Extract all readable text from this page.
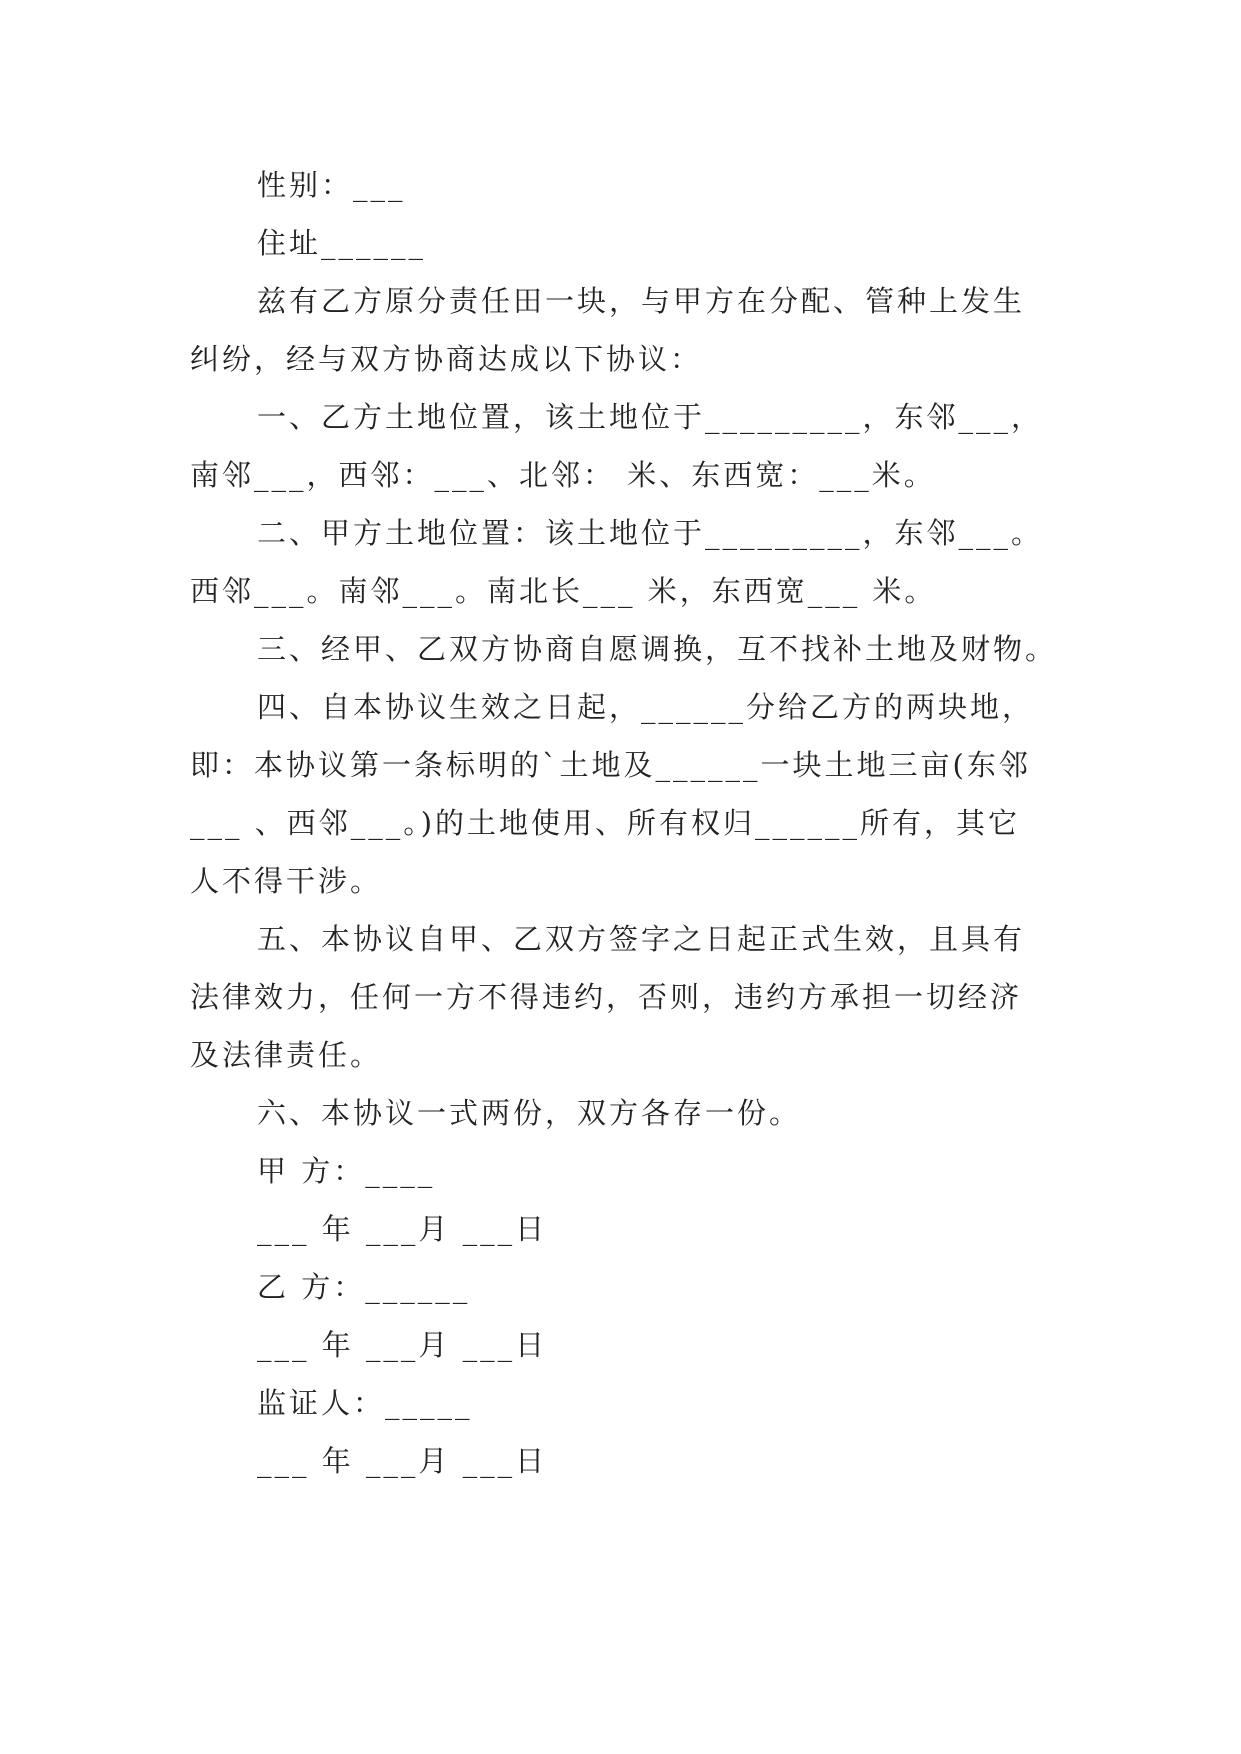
性别：___
住址______
兹有乙方原分责任田一块，与甲方在分配、管种上发生
纠纷，经与双方协商达成以下协议：
一、乙方土地位置，该土地位于_________，东邻___，
南邻___，西邻：___、北邻： 米、东西宽：___米。
二、甲方土地位置：该土地位于_________，东邻___。
西邻___。南邻___。南北长___ 米，东西宽___ 米。
三、经甲、乙双方协商自愿调换，互不找补土地及财物。
四、自本协议生效之日起，______分给乙方的两块地，
即：本协议第一条标明的`土地及______一块土地三亩(东邻
___ 、西邻___。)的土地使用、所有权归______所有，其它
人不得干涉。
五、本协议自甲、乙双方签字之日起正式生效，且具有
法律效力，任何一方不得违约，否则，违约方承担一切经济
及法律责任。
六、本协议一式两份，双方各存一份。
甲 方：____
___ 年 ___月 ___日
乙 方：______
___ 年 ___月 ___日
监证人：_____
___ 年 ___月 ___日
